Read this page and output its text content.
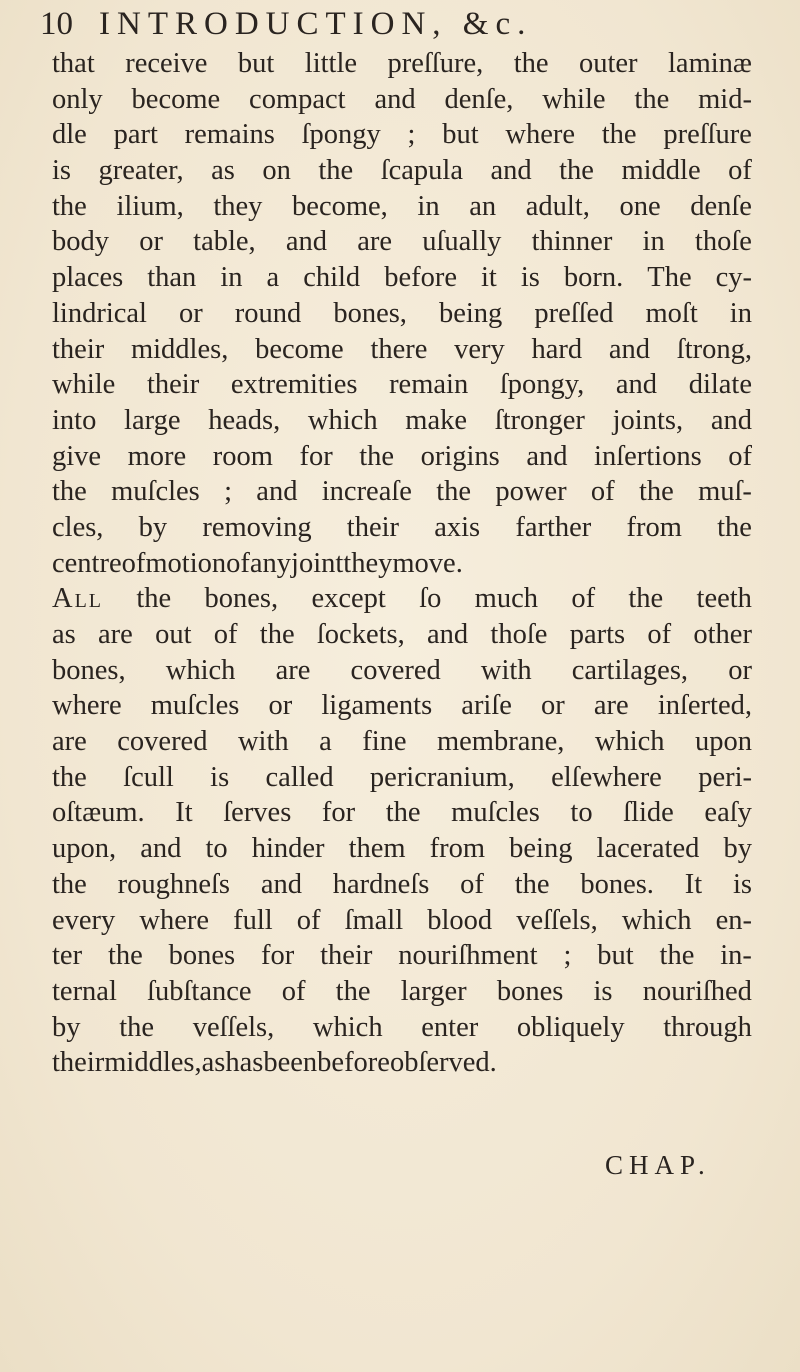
10 INTRODUCTION, &c.
that receive but little preſſure, the outer laminæ
only become compact and denſe, while the mid-
dle part remains ſpongy ; but where the preſſure
is greater, as on the ſcapula and the middle of
the ilium, they become, in an adult, one denſe
body or table, and are uſually thinner in thoſe
places than in a child before it is born. The cy-
lindrical or round bones, being preſſed moſt in
their middles, become there very hard and ſtrong,
while their extremities remain ſpongy, and dilate
into large heads, which make ſtronger joints, and
give more room for the origins and inſertions of
the muſcles ; and increaſe the power of the muſ-
cles, by removing their axis farther from the
centre of motion of any joint they move.
All the bones, except ſo much of the teeth
as are out of the ſockets, and thoſe parts of other
bones, which are covered with cartilages, or
where muſcles or ligaments ariſe or are inſerted,
are covered with a fine membrane, which upon
the ſcull is called pericranium, elſewhere peri-
oſtæum. It ſerves for the muſcles to ſlide eaſy
upon, and to hinder them from being lacerated by
the roughneſs and hardneſs of the bones. It is
every where full of ſmall blood veſſels, which en-
ter the bones for their nouriſhment ; but the in-
ternal ſubſtance of the larger bones is nouriſhed
by the veſſels, which enter obliquely through
their middles, as has been before obſerved.
CHAP.
